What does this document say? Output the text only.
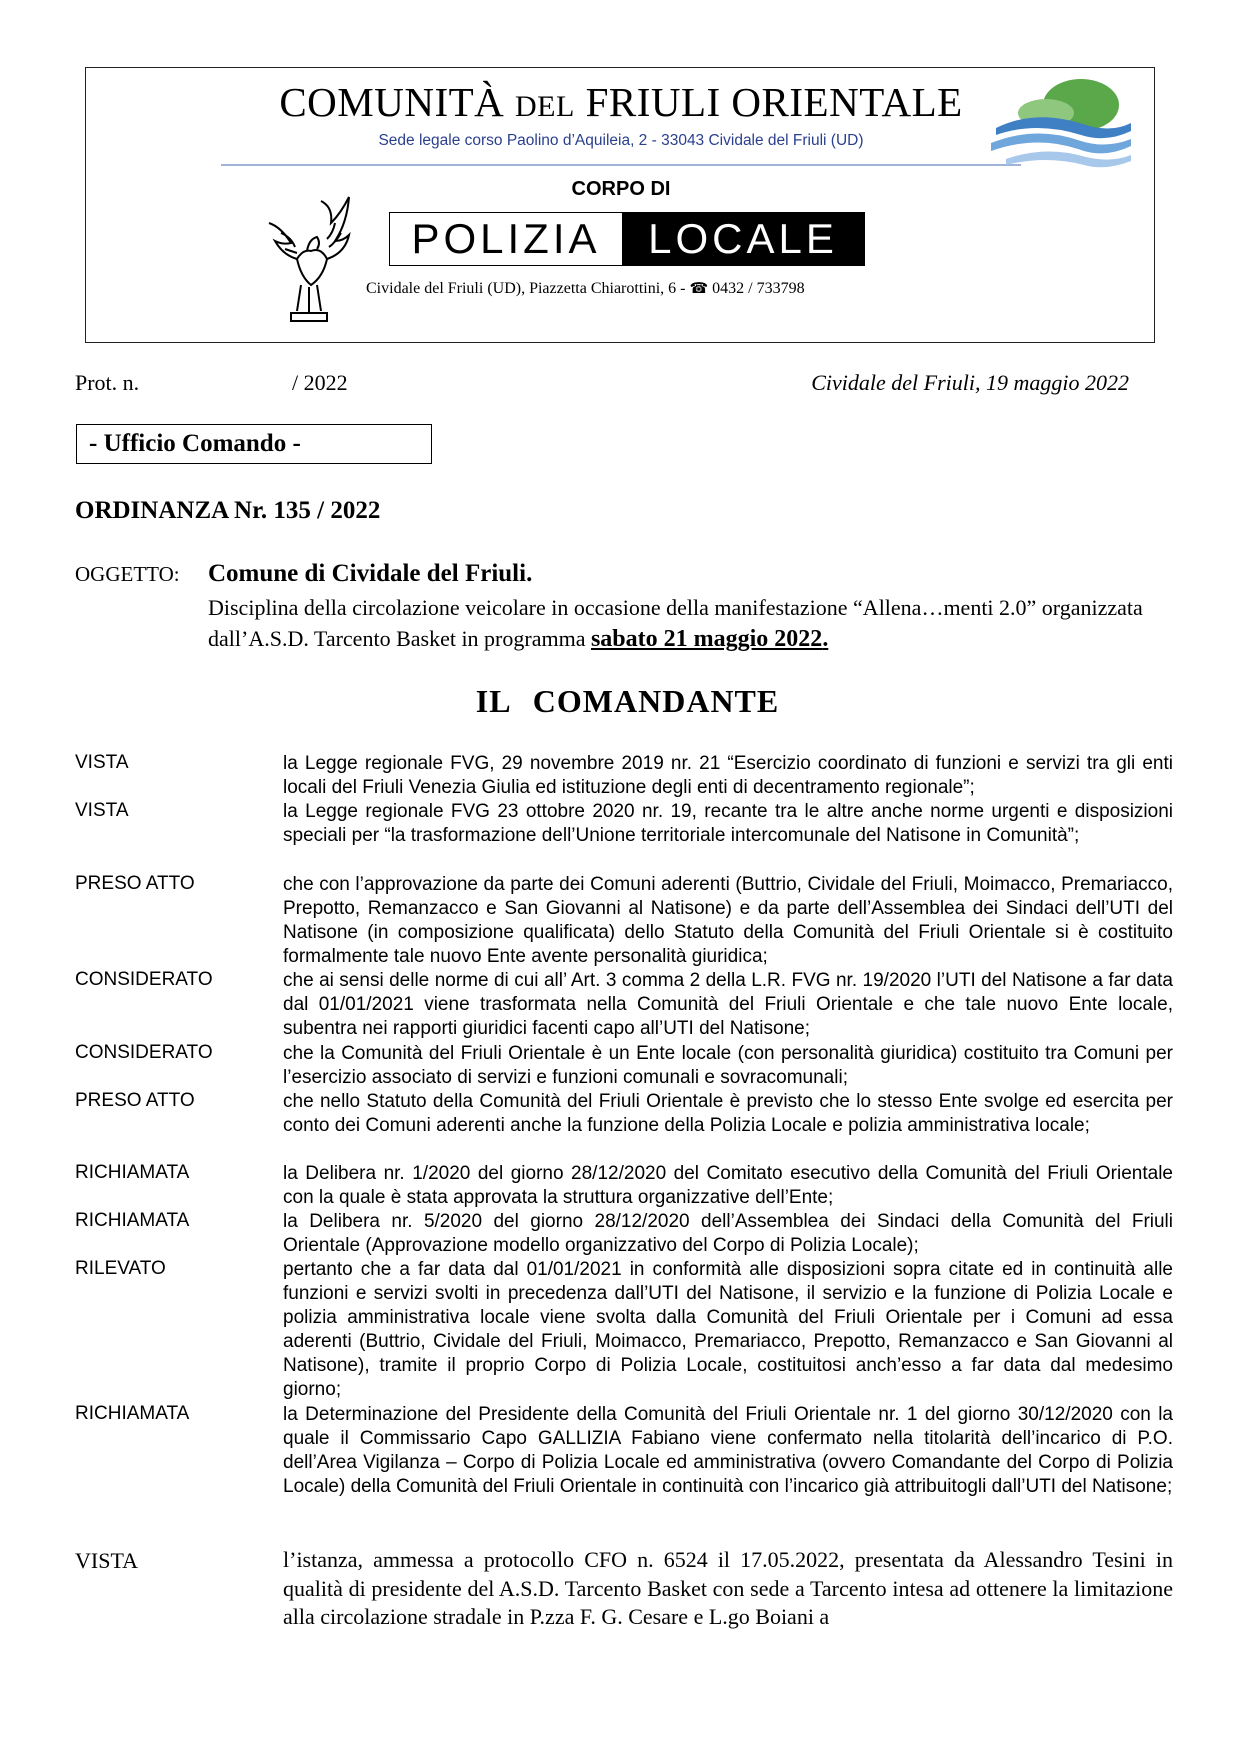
COMUNITÀ DEL FRIULI ORIENTALE
Sede legale corso Paolino d’Aquileia, 2 - 33043 Cividale del Friuli (UD)
CORPO DI
POLIZIA	LOCALE
Cividale del Friuli (UD), Piazzetta Chiarottini, 6 - ☎ 0432 / 733798
Prot. n.	/ 2022	Cividale del Friuli, 19 maggio 2022
- Ufficio Comando -
ORDINANZA Nr. 135 / 2022
OGGETTO: Comune di Cividale del Friuli.
Disciplina della circolazione veicolare in occasione della manifestazione “Allena…menti 2.0” organizzata dall’A.S.D. Tarcento Basket in programma sabato 21 maggio 2022.
IL COMANDANTE
VISTA	la Legge regionale FVG, 29 novembre 2019 nr. 21 “Esercizio coordinato di funzioni e servizi tra gli enti locali del Friuli Venezia Giulia ed istituzione degli enti di decentramento regionale”;
VISTA	la Legge regionale FVG 23 ottobre 2020 nr. 19, recante tra le altre anche norme urgenti e disposizioni speciali per “la trasformazione dell’Unione territoriale intercomunale del Natisone in Comunità”;
PRESO ATTO	che con l’approvazione da parte dei Comuni aderenti (Buttrio, Cividale del Friuli, Moimacco, Premariacco, Prepotto, Remanzacco e San Giovanni al Natisone) e da parte dell’Assemblea dei Sindaci dell’UTI del Natisone (in composizione qualificata) dello Statuto della Comunità del Friuli Orientale si è costituito formalmente tale nuovo Ente avente personalità giuridica;
CONSIDERATO	che ai sensi delle norme di cui all’ Art. 3 comma 2 della L.R. FVG nr. 19/2020 l’UTI del Natisone a far data dal 01/01/2021 viene trasformata nella Comunità del Friuli Orientale e che tale nuovo Ente locale, subentra nei rapporti giuridici facenti capo all’UTI del Natisone;
CONSIDERATO	che la Comunità del Friuli Orientale è un Ente locale (con personalità giuridica) costituito tra Comuni per l’esercizio associato di servizi e funzioni comunali e sovracomunali;
PRESO ATTO	che nello Statuto della Comunità del Friuli Orientale è previsto che lo stesso Ente svolge ed esercita per conto dei Comuni aderenti anche la funzione della Polizia Locale e polizia amministrativa locale;
RICHIAMATA	la Delibera nr. 1/2020 del giorno 28/12/2020 del Comitato esecutivo della Comunità del Friuli Orientale con la quale è stata approvata la struttura organizzative dell’Ente;
RICHIAMATA	la Delibera nr. 5/2020 del giorno 28/12/2020 dell’Assemblea dei Sindaci della Comunità del Friuli Orientale (Approvazione modello organizzativo del Corpo di Polizia Locale);
RILEVATO	pertanto che a far data dal 01/01/2021 in conformità alle disposizioni sopra citate ed in continuità alle funzioni e servizi svolti in precedenza dall’UTI del Natisone, il servizio e la funzione di Polizia Locale e polizia amministrativa locale viene svolta dalla Comunità del Friuli Orientale per i Comuni ad essa aderenti (Buttrio, Cividale del Friuli, Moimacco, Premariacco, Prepotto, Remanzacco e San Giovanni al Natisone), tramite il proprio Corpo di Polizia Locale, costituitosi anch’esso a far data dal medesimo giorno;
RICHIAMATA	la Determinazione del Presidente della Comunità del Friuli Orientale nr. 1 del giorno 30/12/2020 con la quale il Commissario Capo GALLIZIA Fabiano viene confermato nella titolarità dell’incarico di P.O. dell’Area Vigilanza – Corpo di Polizia Locale ed amministrativa (ovvero Comandante del Corpo di Polizia Locale) della Comunità del Friuli Orientale in continuità con l’incarico già attribuitogli dall’UTI del Natisone;
VISTA	l’istanza, ammessa a protocollo CFO n. 6524 il 17.05.2022, presentata da Alessandro Tesini in qualità di presidente del A.S.D. Tarcento Basket con sede a Tarcento intesa ad ottenere la limitazione alla circolazione stradale in P.zza F. G. Cesare e L.go Boiani a
